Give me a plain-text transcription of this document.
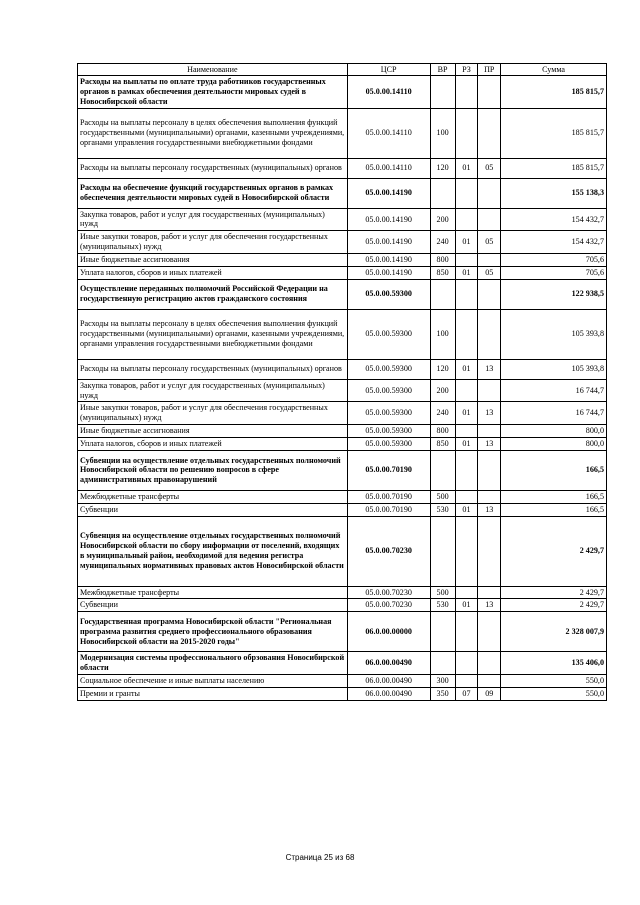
Наименование	ЦСР	ВР	РЗ	ПР	Сумма
Расходы на выплаты по оплате труда работников государственных органов в рамках обеспечения деятельности мировых судей в Новосибирской области	05.0.00.14110				185 815,7
Расходы на выплаты персоналу в целях обеспечения выполнения функций государственными (муниципальными) органами, казенными учреждениями, органами управления государственными внебюджетными фондами	05.0.00.14110	100			185 815,7
Расходы на выплаты персоналу государственных (муниципальных) органов	05.0.00.14110	120	01	05	185 815,7
Расходы на обеспечение функций государственных органов в рамках обеспечения деятельности мировых судей в Новосибирской области	05.0.00.14190				155 138,3
Закупка товаров, работ и услуг для государственных (муниципальных) нужд	05.0.00.14190	200			154 432,7
Иные закупки товаров, работ и услуг для обеспечения государственных (муниципальных) нужд	05.0.00.14190	240	01	05	154 432,7
Иные бюджетные ассигнования	05.0.00.14190	800			705,6
Уплата налогов, сборов и иных платежей	05.0.00.14190	850	01	05	705,6
Осуществление переданных полномочий Российской Федерации на государственную регистрацию актов гражданского состояния	05.0.00.59300				122 938,5
Расходы на выплаты персоналу в целях обеспечения выполнения функций государственными (муниципальными) органами, казенными учреждениями, органами управления государственными внебюджетными фондами	05.0.00.59300	100			105 393,8
Расходы на выплаты персоналу государственных (муниципальных) органов	05.0.00.59300	120	01	13	105 393,8
Закупка товаров, работ и услуг для государственных (муниципальных) нужд	05.0.00.59300	200			16 744,7
Иные закупки товаров, работ и услуг для обеспечения государственных (муниципальных) нужд	05.0.00.59300	240	01	13	16 744,7
Иные бюджетные ассигнования	05.0.00.59300	800			800,0
Уплата налогов, сборов и иных платежей	05.0.00.59300	850	01	13	800,0
Субвенции на осуществление отдельных государственных полномочий Новосибирской области по решению вопросов в сфере административных правонарушений	05.0.00.70190				166,5
Межбюджетные трансферты	05.0.00.70190	500			166,5
Субвенции	05.0.00.70190	530	01	13	166,5
Субвенция на осуществление отдельных государственных полномочий Новосибирской области по сбору информации от поселений, входящих в муниципальный район, необходимой для ведения регистра муниципальных нормативных правовых актов Новосибирской области	05.0.00.70230				2 429,7
Межбюджетные трансферты	05.0.00.70230	500			2 429,7
Субвенции	05.0.00.70230	530	01	13	2 429,7
Государственная программа Новосибирской области "Региональная программа развития среднего профессионального образования Новосибирской области на 2015-2020 годы"	06.0.00.00000				2 328 007,9
Модернизация системы профессионального обрзования Новосибирской области	06.0.00.00490				135 406,0
Социальное обеспечение и иные выплаты населению	06.0.00.00490	300			550,0
Премии и гранты	06.0.00.00490	350	07	09	550,0
Страница 25 из 68
